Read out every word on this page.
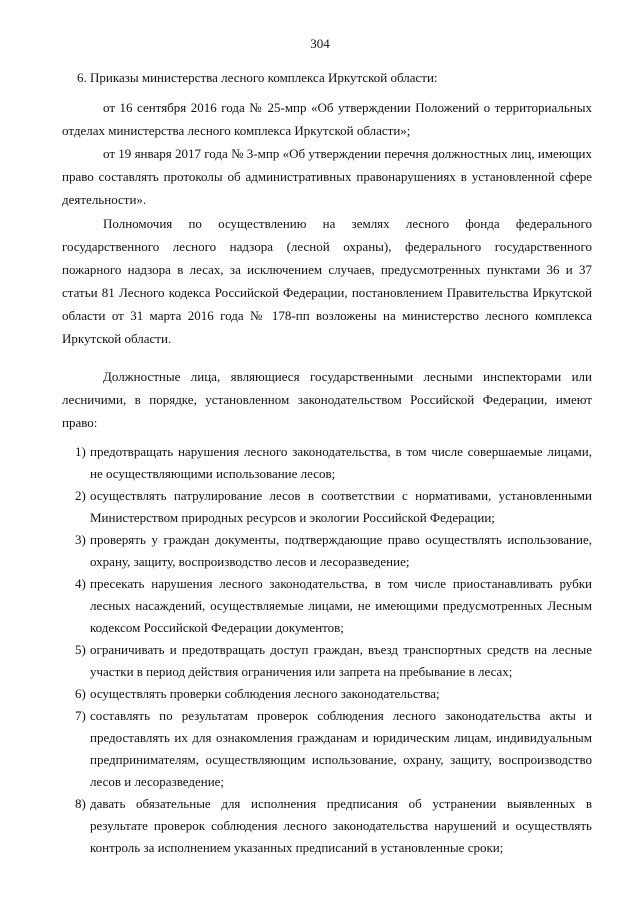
304
6. Приказы министерства лесного комплекса Иркутской области:
от 16 сентября 2016 года № 25-мпр «Об утверждении Положений о территориальных отделах министерства лесного комплекса Иркутской области»;
от 19 января 2017 года № 3-мпр «Об утверждении перечня должностных лиц, имеющих право составлять протоколы об административных правонарушениях в установленной сфере деятельности».
Полномочия по осуществлению на землях лесного фонда федерального государственного лесного надзора (лесной охраны), федерального государственного пожарного надзора в лесах, за исключением случаев, предусмотренных пунктами 36 и 37 статьи 81 Лесного кодекса Российской Федерации, постановлением Правительства Иркутской области от 31 марта 2016 года № 178-пп возложены на министерство лесного комплекса Иркутской области.
Должностные лица, являющиеся государственными лесными инспекторами или лесничими, в порядке, установленном законодательством Российской Федерации, имеют право:
1) предотвращать нарушения лесного законодательства, в том числе совершаемые лицами, не осуществляющими использование лесов;
2) осуществлять патрулирование лесов в соответствии с нормативами, установленными Министерством природных ресурсов и экологии Российской Федерации;
3) проверять у граждан документы, подтверждающие право осуществлять использование, охрану, защиту, воспроизводство лесов и лесоразведение;
4) пресекать нарушения лесного законодательства, в том числе приостанавливать рубки лесных насаждений, осуществляемые лицами, не имеющими предусмотренных Лесным кодексом Российской Федерации документов;
5) ограничивать и предотвращать доступ граждан, въезд транспортных средств на лесные участки в период действия ограничения или запрета на пребывание в лесах;
6) осуществлять проверки соблюдения лесного законодательства;
7) составлять по результатам проверок соблюдения лесного законодательства акты и предоставлять их для ознакомления гражданам и юридическим лицам, индивидуальным предпринимателям, осуществляющим использование, охрану, защиту, воспроизводство лесов и лесоразведение;
8) давать обязательные для исполнения предписания об устранении выявленных в результате проверок соблюдения лесного законодательства нарушений и осуществлять контроль за исполнением указанных предписаний в установленные сроки;
